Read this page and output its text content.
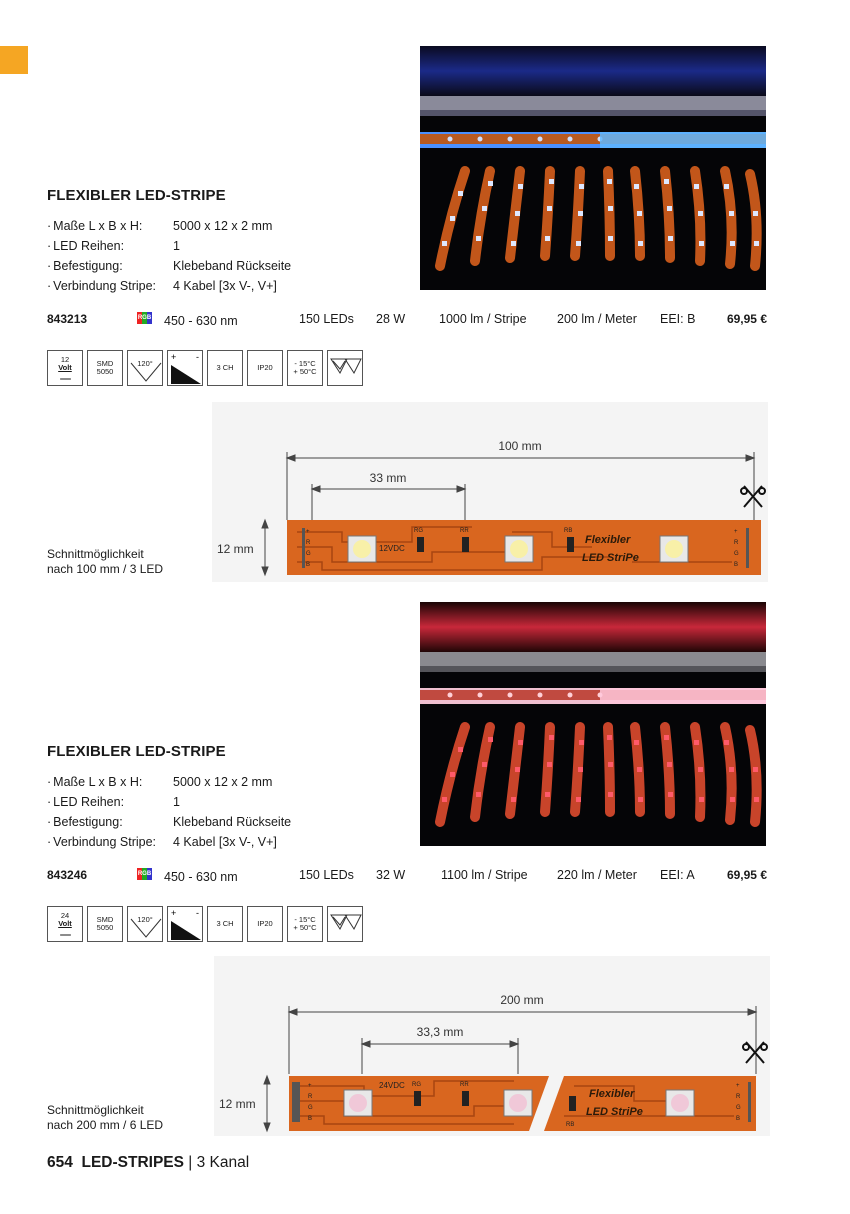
FLEXIBLER LED-STRIPE
· Maße L x B x H:	5000 x 12 x 2 mm
· LED Reihen:	1
· Befestigung:	Klebeband Rückseite
· Verbindung Stripe:	4 Kabel [3x V-, V+]
843213	RGB 450 - 630 nm	150 LEDs 28 W	1000 lm / Stripe 200 lm / Meter EEI: B	69,95 €
12
Volt
‗‗‗
SMD
5050
120°
+ -
3 CH	IP20	- 15°C
+ 50°C
100 mm
33 mm
12 mm
+
R
G
B
+
R
G
B
RG	RR	RB
12VDC
Flexibler
LED StriPe
Schnittmöglichkeit
nach 100 mm / 3 LED
FLEXIBLER LED-STRIPE
· Maße L x B x H:	5000 x 12 x 2 mm
· LED Reihen:	1
· Befestigung:	Klebeband Rückseite
· Verbindung Stripe:	4 Kabel [3x V-, V+]
843246	RGB 450 - 630 nm	150 LEDs 32 W	1100 lm / Stripe 220 lm / Meter EEI: A	69,95 €
24
Volt
‗‗‗
SMD
5050
120°
+ -
3 CH	IP20	- 15°C
+ 50°C
200 mm
33,3 mm
12 mm
+
R
G
B
+
R
G
B
RG	RR
RB
24VDC
Flexibler
LED StriPe
Schnittmöglichkeit
nach 200 mm / 6 LED
654 LED-STRIPES | 3 Kanal
